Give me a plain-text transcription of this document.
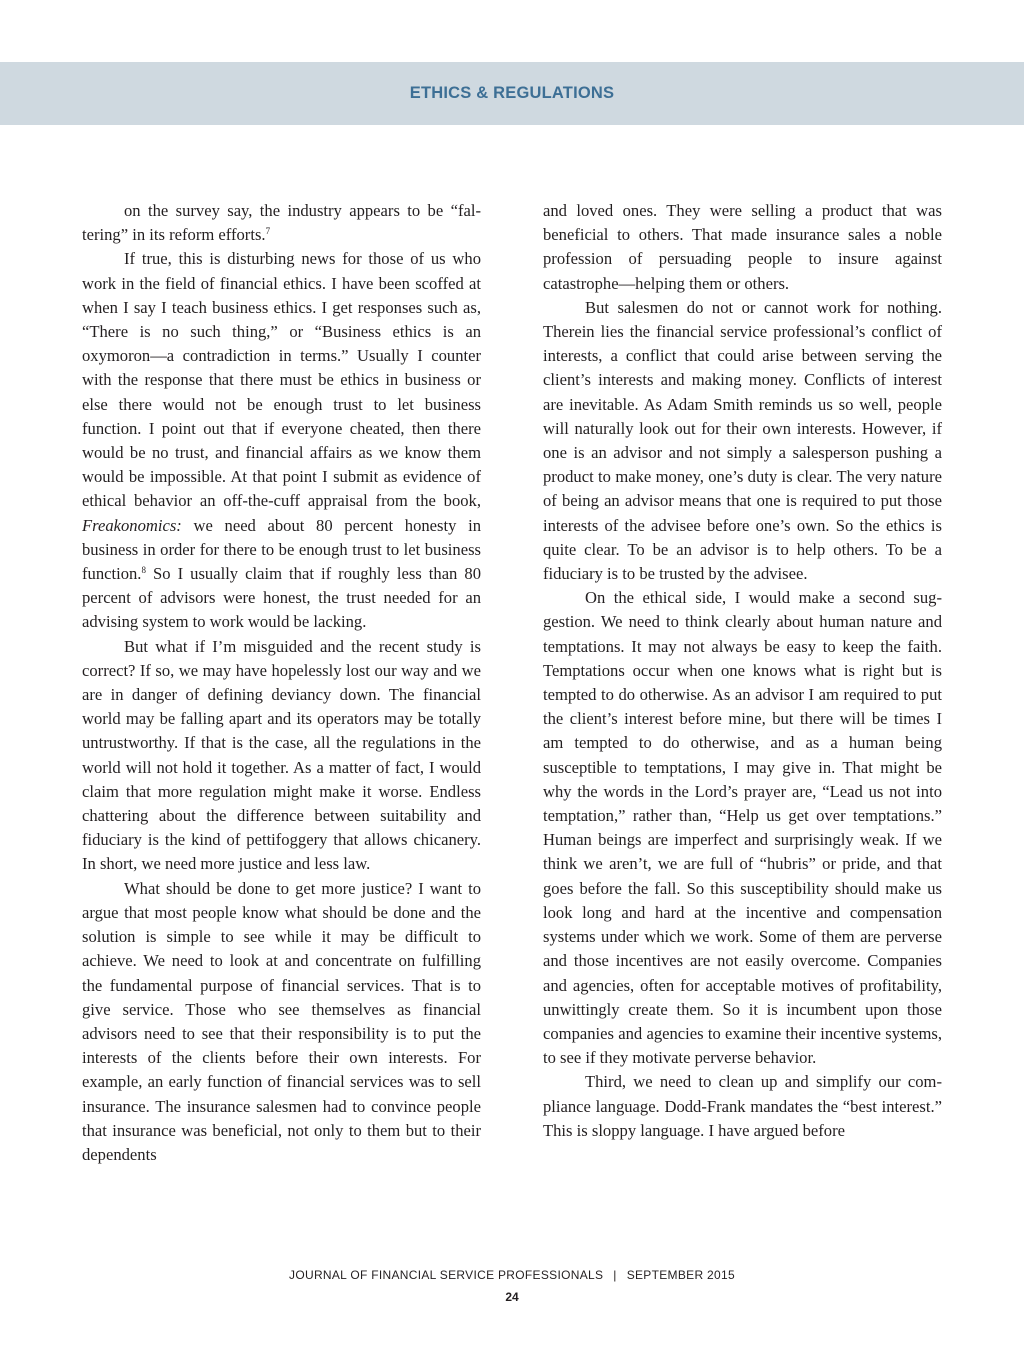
ETHICS & REGULATIONS

on the survey say, the industry appears to be “faltering” in its reform efforts.$^7$

If true, this is disturbing news for those of us who work in the field of financial ethics. I have been scoffed at when I say I teach business ethics. I get responses such as, “There is no such thing,” or “Business ethics is an oxymoron—a contradiction in terms.” Usually I counter with the response that there must be ethics in business or else there would not be enough trust to let business function. I point out that if everyone cheated, then there would be no trust, and financial affairs as we know them would be impossible. At that point I submit as evidence of ethical behavior an off-the-cuff appraisal from the book, Freakonomics: we need about 80 percent honesty in business in order for there to be enough trust to let business function.$^8$ So I usually claim that if roughly less than 80 percent of advisors were honest, the trust needed for an advising system to work would be lacking.

But what if I’m misguided and the recent study is correct? If so, we may have hopelessly lost our way and we are in danger of defining deviancy down. The financial world may be falling apart and its operators may be totally untrustworthy. If that is the case, all the regulations in the world will not hold it together. As a matter of fact, I would claim that more regulation might make it worse. Endless chattering about the difference between suitability and fiduciary is the kind of pettifoggery that allows chicanery. In short, we need more justice and less law.

What should be done to get more justice? I want to argue that most people know what should be done and the solution is simple to see while it may be difficult to achieve. We need to look at and concentrate on fulfilling the fundamental purpose of financial services. That is to give service. Those who see themselves as financial advisors need to see that their responsibility is to put the interests of the clients before their own interests. For example, an early function of financial services was to sell insurance. The insurance salesmen had to convince people that insurance was beneficial, not only to them but to their dependents

and loved ones. They were selling a product that was beneficial to others. That made insurance sales a noble profession of persuading people to insure against catastrophe—helping them or others.

But salesmen do not or cannot work for nothing. Therein lies the financial service professional’s conflict of interests, a conflict that could arise between serving the client’s interests and making money. Conflicts of interest are inevitable. As Adam Smith reminds us so well, people will naturally look out for their own interests. However, if one is an advisor and not simply a salesperson pushing a product to make money, one’s duty is clear. The very nature of being an advisor means that one is required to put those interests of the advisee before one’s own. So the ethics is quite clear. To be an advisor is to help others. To be a fiduciary is to be trusted by the advisee.

On the ethical side, I would make a second suggestion. We need to think clearly about human nature and temptations. It may not always be easy to keep the faith. Temptations occur when one knows what is right but is tempted to do otherwise. As an advisor I am required to put the client’s interest before mine, but there will be times I am tempted to do otherwise, and as a human being susceptible to temptations, I may give in. That might be why the words in the Lord’s prayer are, “Lead us not into temptation,” rather than, “Help us get over temptations.” Human beings are imperfect and surprisingly weak. If we think we aren’t, we are full of “hubris” or pride, and that goes before the fall. So this susceptibility should make us look long and hard at the incentive and compensation systems under which we work. Some of them are perverse and those incentives are not easily overcome. Companies and agencies, often for acceptable motives of profitability, unwittingly create them. So it is incumbent upon those companies and agencies to examine their incentive systems, to see if they motivate perverse behavior.

Third, we need to clean up and simplify our compliance language. Dodd-Frank mandates the “best interest.” This is sloppy language. I have argued before

JOURNAL OF FINANCIAL SERVICE PROFESSIONALS | SEPTEMBER 2015
24
